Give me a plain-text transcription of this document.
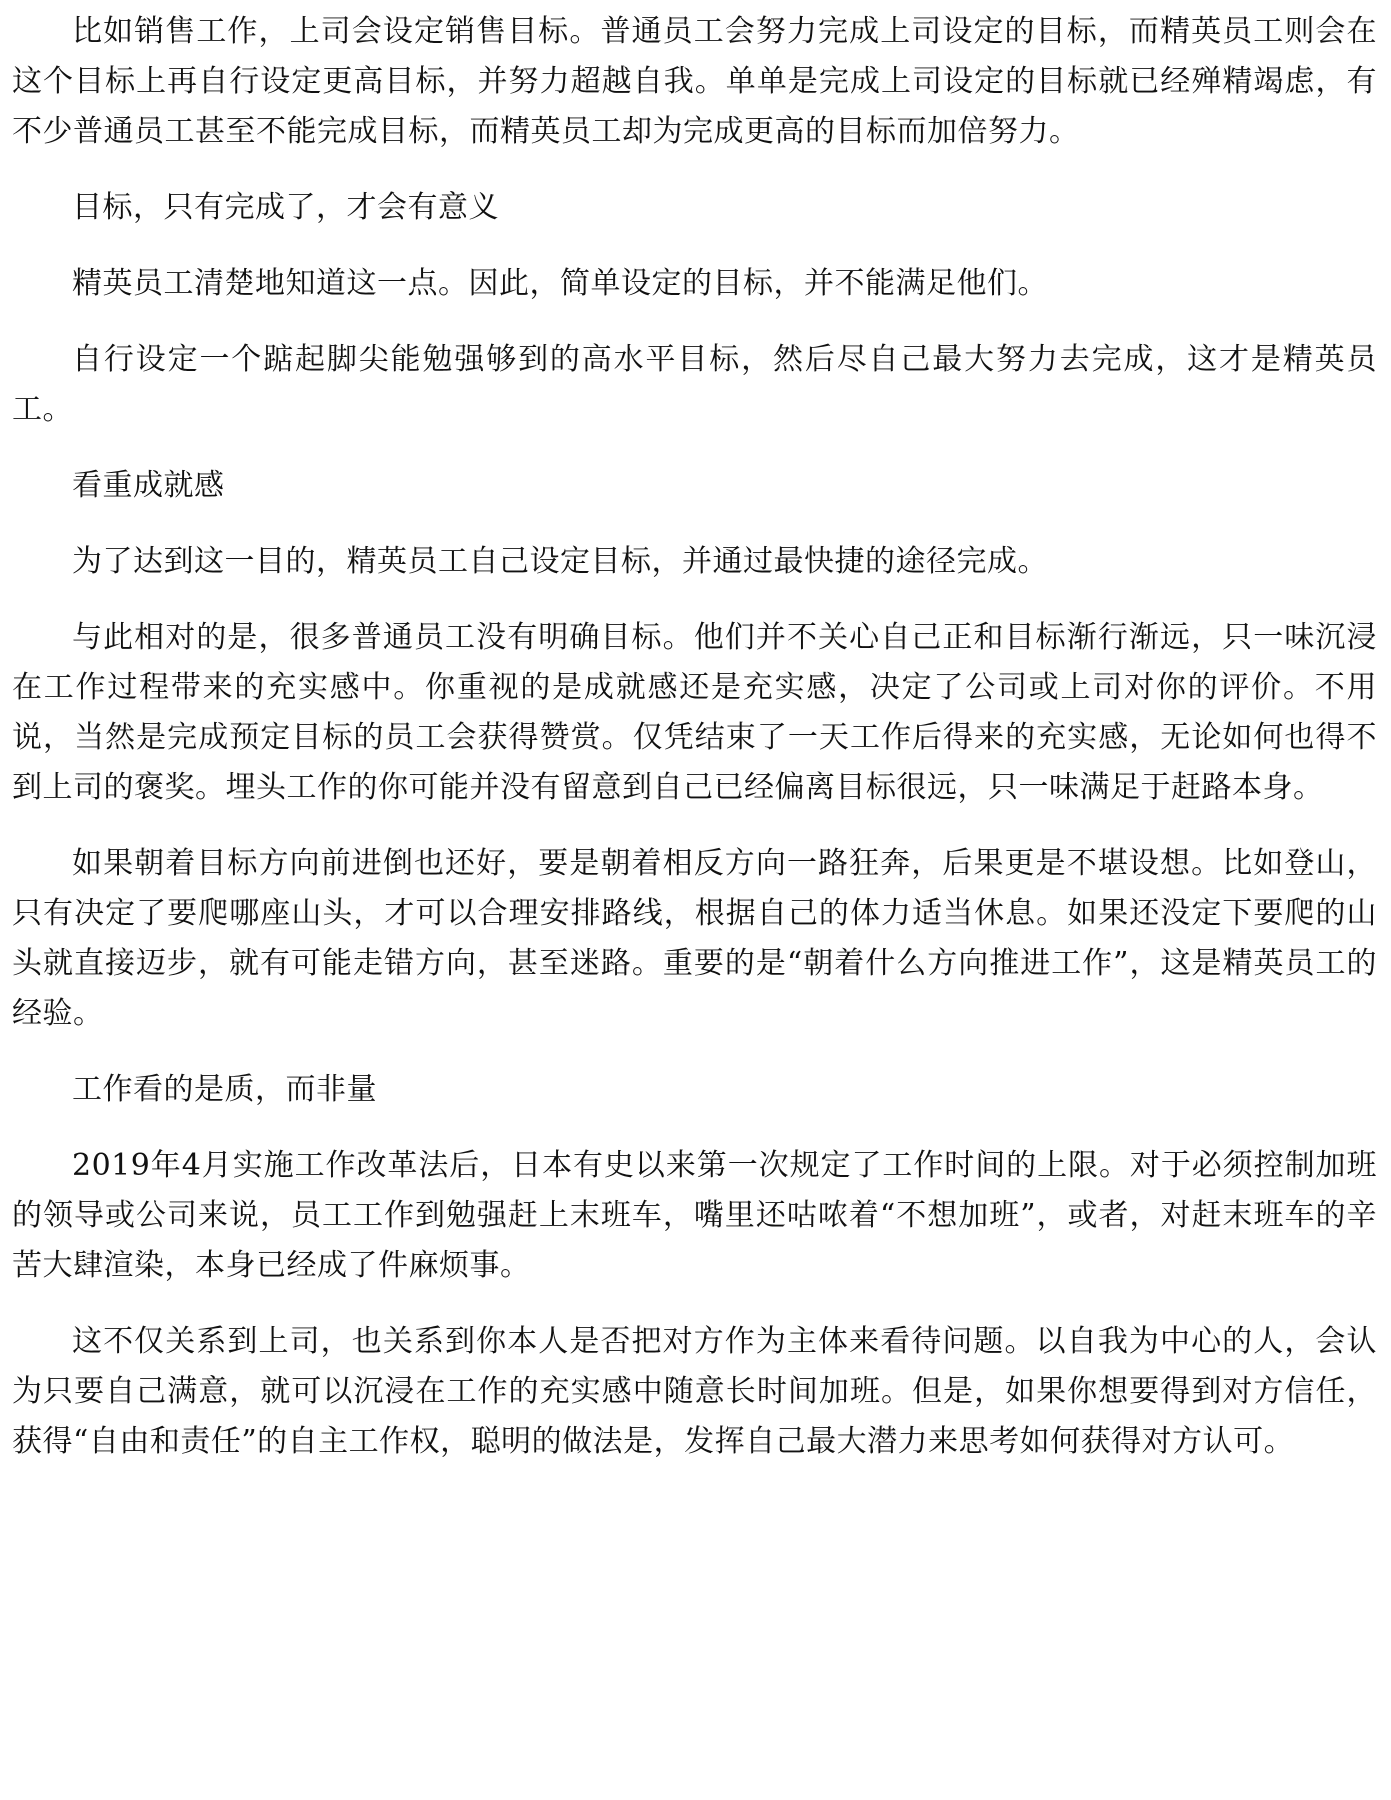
比如销售工作，上司会设定销售目标。普通员工会努力完成上司设定的目标，而精英员工则会在这个目标上再自行设定更高目标，并努力超越自我。单单是完成上司设定的目标就已经殚精竭虑，有不少普通员工甚至不能完成目标，而精英员工却为完成更高的目标而加倍努力。

目标，只有完成了，才会有意义

精英员工清楚地知道这一点。因此，简单设定的目标，并不能满足他们。

自行设定一个踮起脚尖能勉强够到的高水平目标，然后尽自己最大努力去完成，这才是精英员工。

看重成就感

为了达到这一目的，精英员工自己设定目标，并通过最快捷的途径完成。

与此相对的是，很多普通员工没有明确目标。他们并不关心自己正和目标渐行渐远，只一味沉浸在工作过程带来的充实感中。你重视的是成就感还是充实感，决定了公司或上司对你的评价。不用说，当然是完成预定目标的员工会获得赞赏。仅凭结束了一天工作后得来的充实感，无论如何也得不到上司的褒奖。埋头工作的你可能并没有留意到自己已经偏离目标很远，只一味满足于赶路本身。

如果朝着目标方向前进倒也还好，要是朝着相反方向一路狂奔，后果更是不堪设想。比如登山，只有决定了要爬哪座山头，才可以合理安排路线，根据自己的体力适当休息。如果还没定下要爬的山头就直接迈步，就有可能走错方向，甚至迷路。重要的是“朝着什么方向推进工作”，这是精英员工的经验。

工作看的是质，而非量

2019年4月实施工作改革法后，日本有史以来第一次规定了工作时间的上限。对于必须控制加班的领导或公司来说，员工工作到勉强赶上末班车，嘴里还咕哝着“不想加班”，或者，对赶末班车的辛苦大肆渲染，本身已经成了件麻烦事。

这不仅关系到上司，也关系到你本人是否把对方作为主体来看待问题。以自我为中心的人，会认为只要自己满意，就可以沉浸在工作的充实感中随意长时间加班。但是，如果你想要得到对方信任，获得“自由和责任”的自主工作权，聪明的做法是，发挥自己最大潜力来思考如何获得对方认可。
